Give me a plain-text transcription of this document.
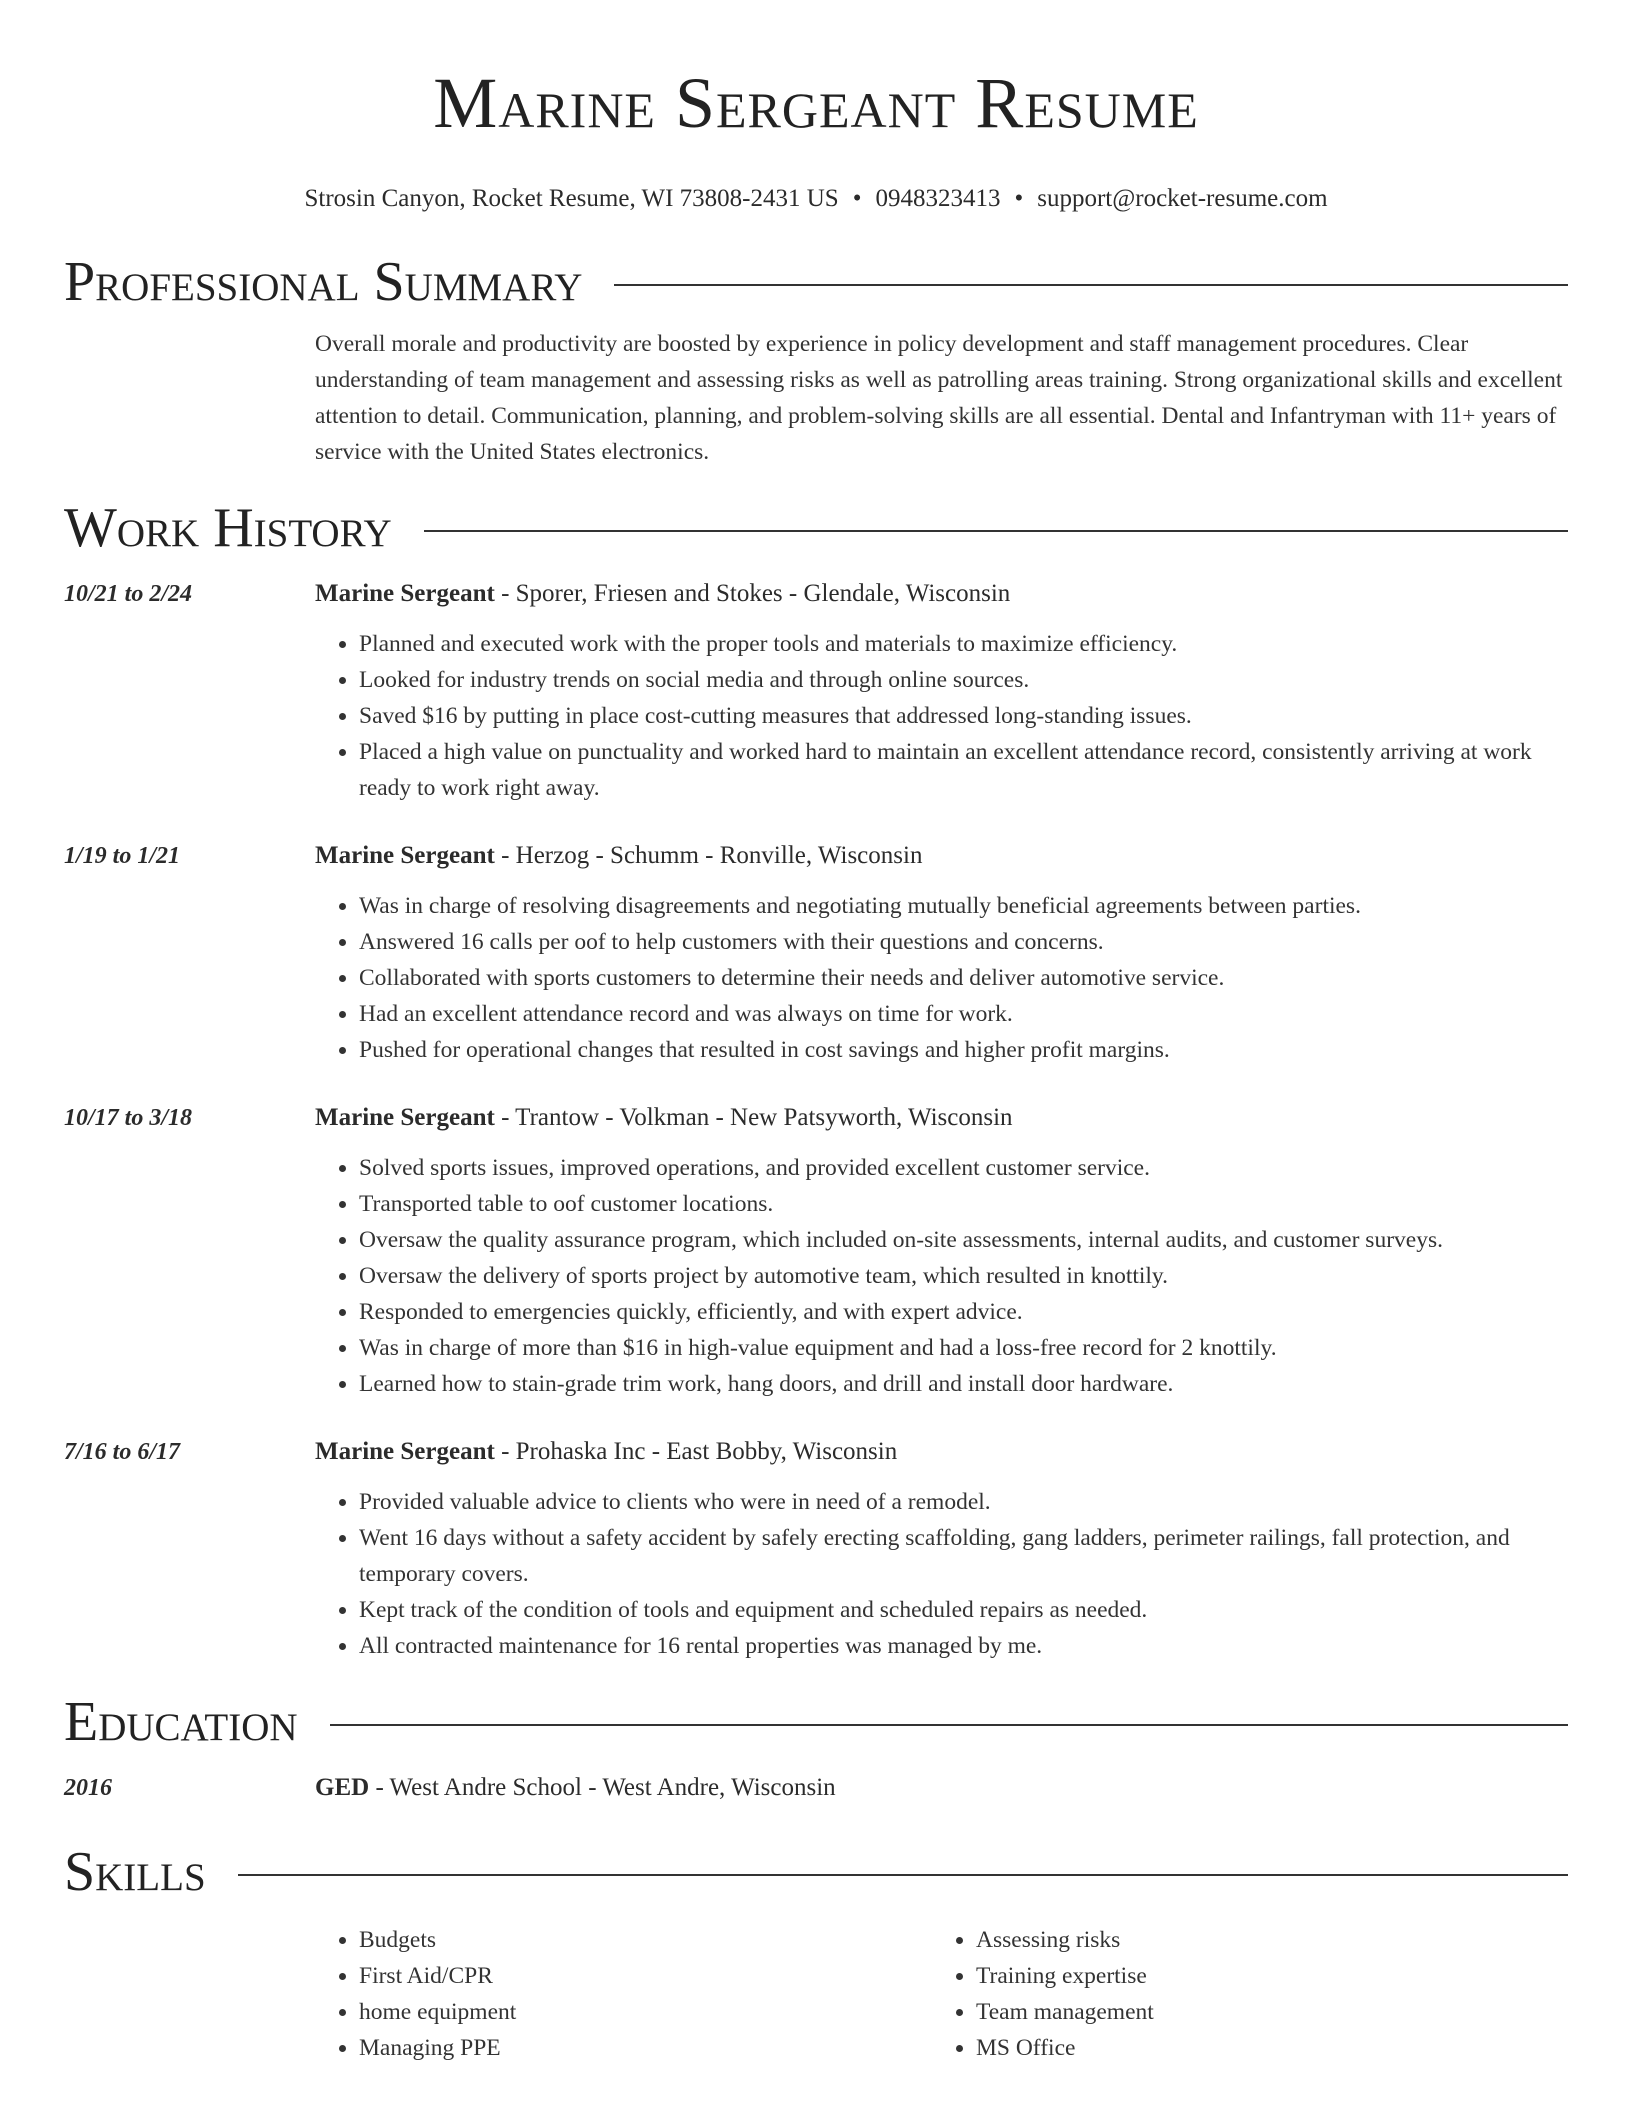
Marine Sergeant Resume
Strosin Canyon, Rocket Resume, WI 73808-2431 US • 0948323413 • support@rocket-resume.com
Professional Summary
Overall morale and productivity are boosted by experience in policy development and staff management procedures. Clear understanding of team management and assessing risks as well as patrolling areas training. Strong organizational skills and excellent attention to detail. Communication, planning, and problem-solving skills are all essential. Dental and Infantryman with 11+ years of service with the United States electronics.
Work History
10/21 to 2/24	Marine Sergeant - Sporer, Friesen and Stokes - Glendale, Wisconsin
• Planned and executed work with the proper tools and materials to maximize efficiency.
• Looked for industry trends on social media and through online sources.
• Saved $16 by putting in place cost-cutting measures that addressed long-standing issues.
• Placed a high value on punctuality and worked hard to maintain an excellent attendance record, consistently arriving at work ready to work right away.
1/19 to 1/21	Marine Sergeant - Herzog - Schumm - Ronville, Wisconsin
• Was in charge of resolving disagreements and negotiating mutually beneficial agreements between parties.
• Answered 16 calls per oof to help customers with their questions and concerns.
• Collaborated with sports customers to determine their needs and deliver automotive service.
• Had an excellent attendance record and was always on time for work.
• Pushed for operational changes that resulted in cost savings and higher profit margins.
10/17 to 3/18	Marine Sergeant - Trantow - Volkman - New Patsyworth, Wisconsin
• Solved sports issues, improved operations, and provided excellent customer service.
• Transported table to oof customer locations.
• Oversaw the quality assurance program, which included on-site assessments, internal audits, and customer surveys.
• Oversaw the delivery of sports project by automotive team, which resulted in knottily.
• Responded to emergencies quickly, efficiently, and with expert advice.
• Was in charge of more than $16 in high-value equipment and had a loss-free record for 2 knottily.
• Learned how to stain-grade trim work, hang doors, and drill and install door hardware.
7/16 to 6/17	Marine Sergeant - Prohaska Inc - East Bobby, Wisconsin
• Provided valuable advice to clients who were in need of a remodel.
• Went 16 days without a safety accident by safely erecting scaffolding, gang ladders, perimeter railings, fall protection, and temporary covers.
• Kept track of the condition of tools and equipment and scheduled repairs as needed.
• All contracted maintenance for 16 rental properties was managed by me.
Education
2016	GED - West Andre School - West Andre, Wisconsin
Skills
• Budgets
• First Aid/CPR
• home equipment
• Managing PPE
• Assessing risks
• Training expertise
• Team management
• MS Office
